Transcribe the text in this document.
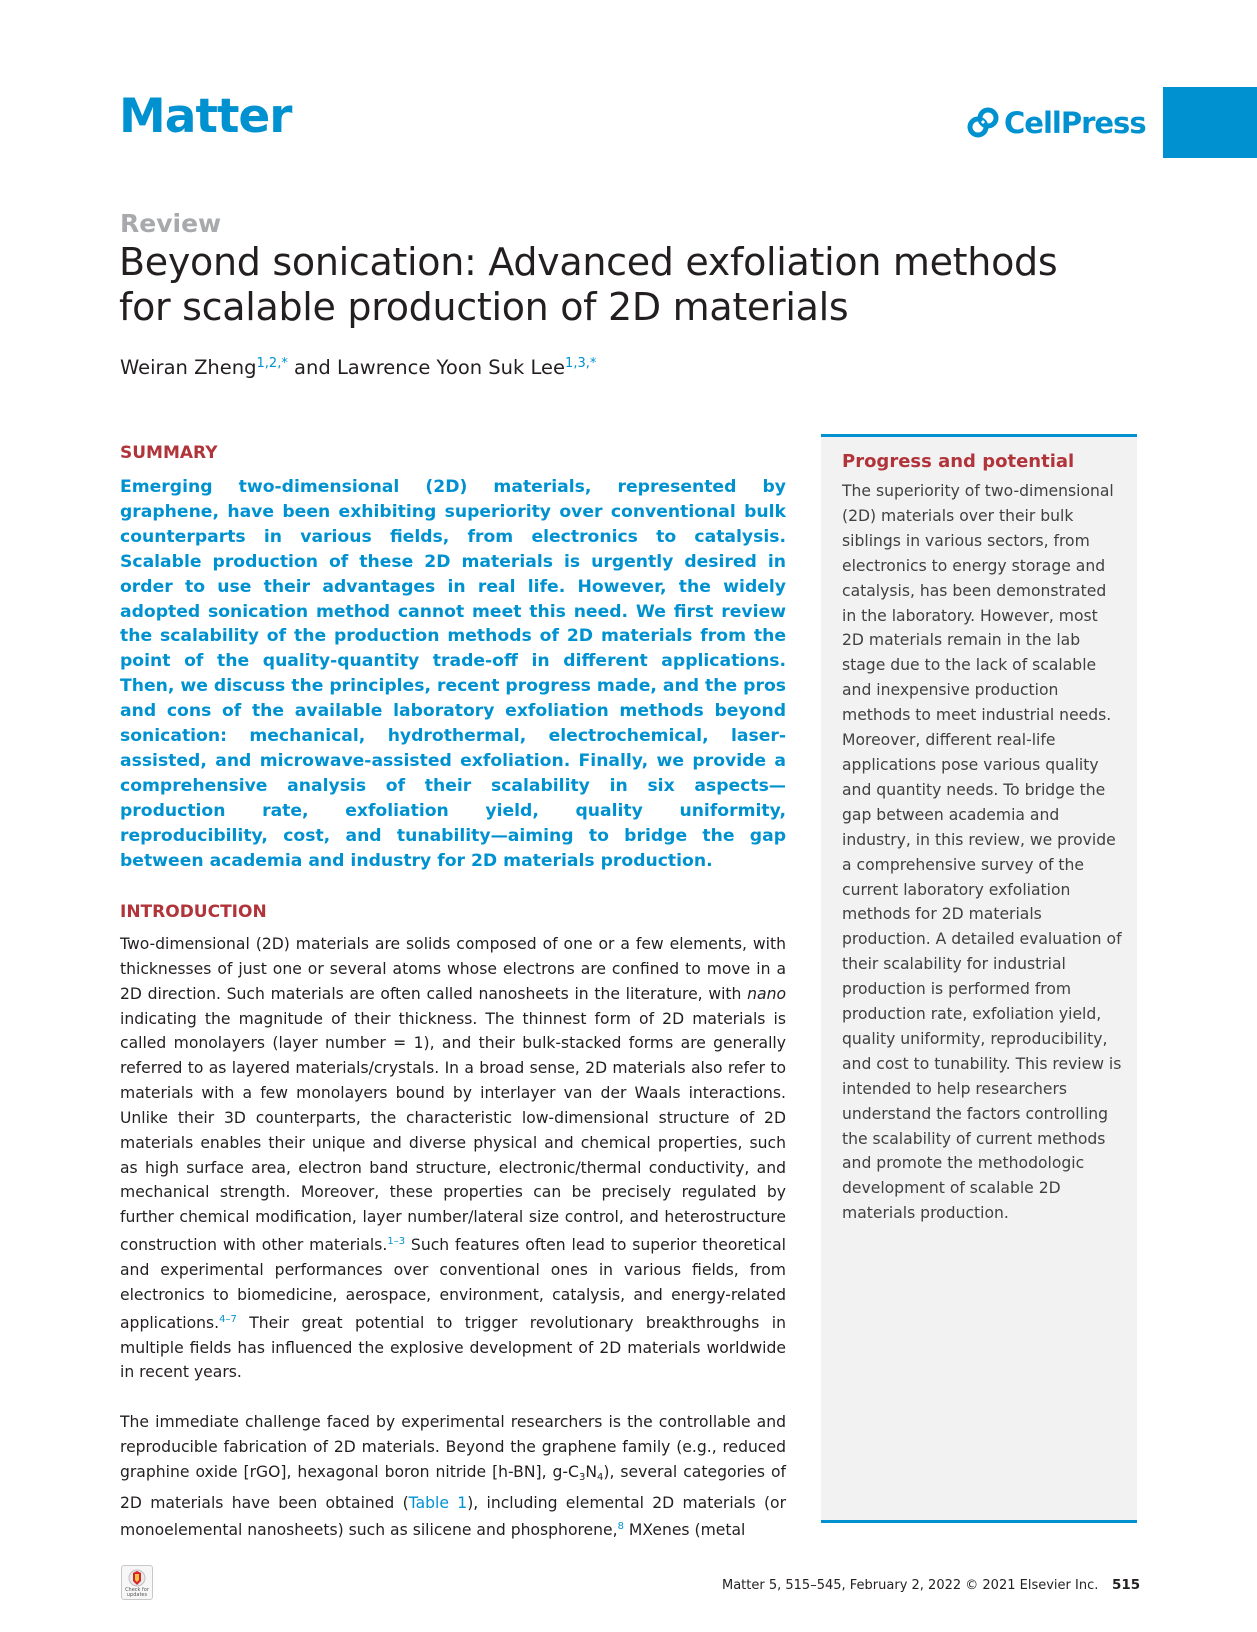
Matter	CellPress
Review
Beyond sonication: Advanced exfoliation methods for scalable production of 2D materials
Weiran Zheng$^{1,2,*}$ and Lawrence Yoon Suk Lee$^{1,3,*}$
SUMMARY

Emerging two-dimensional (2D) materials, represented by graphene, have been exhibiting superiority over conventional bulk counterparts in various fields, from electronics to catalysis. Scalable production of these 2D materials is urgently desired in order to use their advantages in real life. However, the widely adopted sonication method cannot meet this need. We first review the scalability of the production methods of 2D materials from the point of the quality-quantity trade-off in different applications. Then, we discuss the principles, recent progress made, and the pros and cons of the available laboratory exfoliation methods beyond sonication: mechanical, hydrothermal, electrochemical, laser-assisted, and microwave-assisted exfoliation. Finally, we provide a comprehensive analysis of their scalability in six aspects—production rate, exfoliation yield, quality uniformity, reproducibility, cost, and tunability—aiming to bridge the gap between academia and industry for 2D materials production.

INTRODUCTION

Two-dimensional (2D) materials are solids composed of one or a few elements, with thicknesses of just one or several atoms whose electrons are confined to move in a 2D direction. Such materials are often called nanosheets in the literature, with nano indicating the magnitude of their thickness. The thinnest form of 2D materials is called monolayers (layer number = 1), and their bulk-stacked forms are generally referred to as layered materials/crystals. In a broad sense, 2D materials also refer to materials with a few monolayers bound by interlayer van der Waals interactions. Unlike their 3D counterparts, the characteristic low-dimensional structure of 2D materials enables their unique and diverse physical and chemical properties, such as high surface area, electron band structure, electronic/thermal conductivity, and mechanical strength. Moreover, these properties can be precisely regulated by further chemical modification, layer number/lateral size control, and heterostructure construction with other materials.$^{1-3}$ Such features often lead to superior theoretical and experimental performances over conventional ones in various fields, from electronics to biomedicine, aerospace, environment, catalysis, and energy-related applications.$^{4-7}$ Their great potential to trigger revolutionary breakthroughs in multiple fields has influenced the explosive development of 2D materials worldwide in recent years.

The immediate challenge faced by experimental researchers is the controllable and reproducible fabrication of 2D materials. Beyond the graphene family (e.g., reduced graphine oxide [rGO], hexagonal boron nitride [h-BN], $g-C_3N_4$), several categories of 2D materials have been obtained (Table 1), including elemental 2D materials (or monoelemental nanosheets) such as silicene and phosphorene,$^8$ MXenes (metal

Progress and potential

The superiority of two-dimensional (2D) materials over their bulk siblings in various sectors, from electronics to energy storage and catalysis, has been demonstrated in the laboratory. However, most 2D materials remain in the lab stage due to the lack of scalable and inexpensive production methods to meet industrial needs. Moreover, different real-life applications pose various quality and quantity needs. To bridge the gap between academia and industry, in this review, we provide a comprehensive survey of the current laboratory exfoliation methods for 2D materials production. A detailed evaluation of their scalability for industrial production is performed from production rate, exfoliation yield, quality uniformity, reproducibility, and cost to tunability. This review is intended to help researchers understand the factors controlling the scalability of current methods and promote the methodologic development of scalable 2D materials production.

Check for updates
Matter 5, 515–545, February 2, 2022 © 2021 Elsevier Inc. 515
